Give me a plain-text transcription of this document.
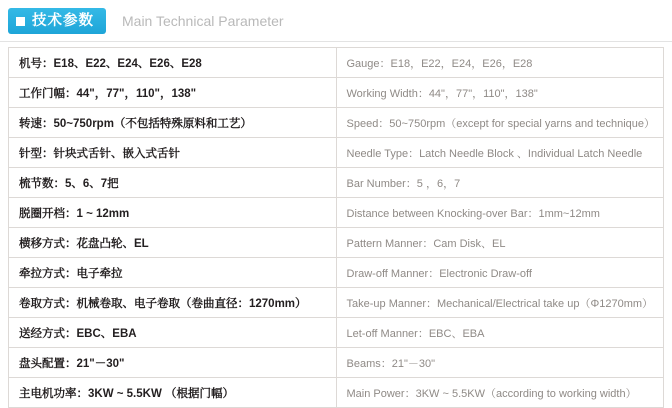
技术参数 Main Technical Parameter
机号：E18、E22、E24、E26、E28	Gauge：E18，E22，E24，E26，E28
工作门幅：44"，77"，110"，138"	Working Width：44"，77"，110"，138"
转速：50~750rpm（不包括特殊原料和工艺）	Speed：50~750rpm（except for special yarns and technique）
针型：针块式舌针、嵌入式舌针	Needle Type：Latch Needle Block 、Individual Latch Needle
梳节数：5、6、7把	Bar Number：5 ，6，7
脱圈开档：1 ~ 12mm	Distance between Knocking-over Bar：1mm~12mm
横移方式：花盘凸轮、EL	Pattern Manner：Cam Disk、EL
牵拉方式：电子牵拉	Draw-off Manner：Electronic Draw-off
卷取方式：机械卷取、电子卷取（卷曲直径：1270mm）	Take-up Manner：Mechanical/Electrical take up（Φ1270mm）
送经方式：EBC、EBA	Let-off Manner：EBC、EBA
盘头配置：21"－30"	Beams：21"－30"
主电机功率：3KW ~ 5.5KW （根据门幅）	Main Power：3KW ~ 5.5KW（according to working width）
